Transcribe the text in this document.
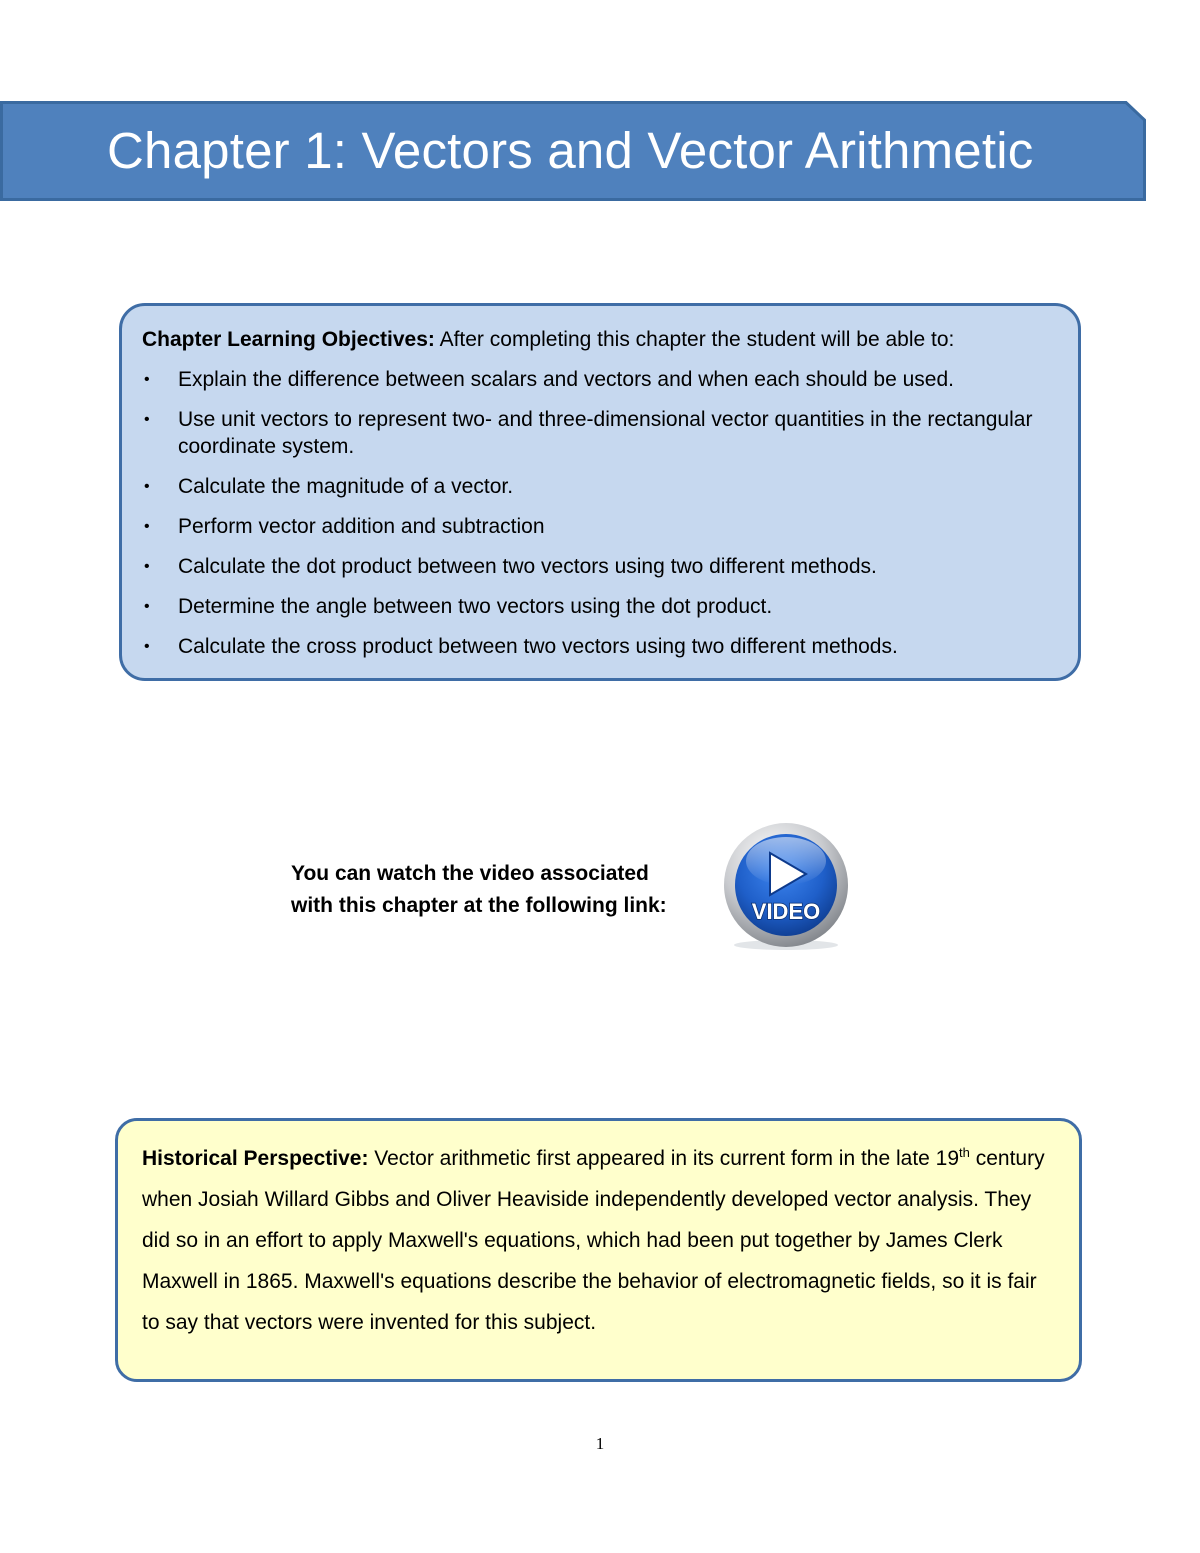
Chapter 1: Vectors and Vector Arithmetic

Chapter Learning Objectives: After completing this chapter the student will be able to:

• Explain the difference between scalars and vectors and when each should be used.
• Use unit vectors to represent two- and three-dimensional vector quantities in the rectangular coordinate system.
• Calculate the magnitude of a vector.
• Perform vector addition and subtraction
• Calculate the dot product between two vectors using two different methods.
• Determine the angle between two vectors using the dot product.
• Calculate the cross product between two vectors using two different methods.
You can watch the video associated
with this chapter at the following link:	VIDEO
Historical Perspective: Vector arithmetic first appeared in its current form in the late 19th century when Josiah Willard Gibbs and Oliver Heaviside independently developed vector analysis. They did so in an effort to apply Maxwell's equations, which had been put together by James Clerk Maxwell in 1865. Maxwell's equations describe the behavior of electromagnetic fields, so it is fair to say that vectors were invented for this subject.
1
